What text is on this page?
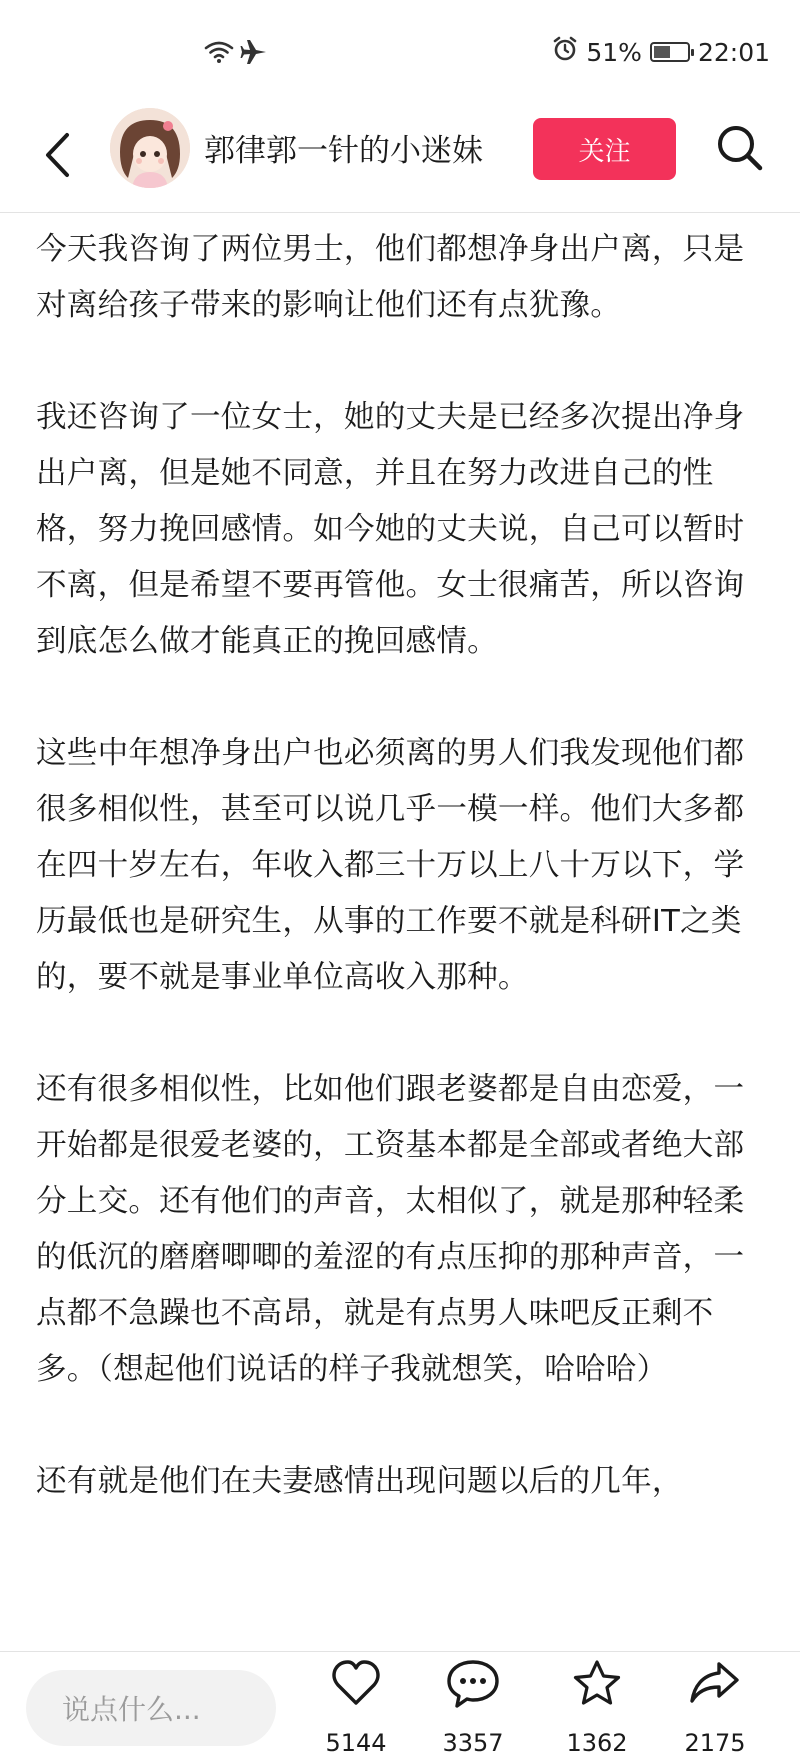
51% 22:01
郭律郭一针的小迷妹	关注

今天我咨询了两位男士，他们都想净身出户离，只是对离给孩子带来的影响让他们还有点犹豫。

我还咨询了一位女士，她的丈夫是已经多次提出净身出户离，但是她不同意，并且在努力改进自己的性格，努力挽回感情。如今她的丈夫说，自己可以暂时不离，但是希望不要再管他。女士很痛苦，所以咨询到底怎么做才能真正的挽回感情。

这些中年想净身出户也必须离的男人们我发现他们都很多相似性，甚至可以说几乎一模一样。他们大多都在四十岁左右，年收入都三十万以上八十万以下，学历最低也是研究生，从事的工作要不就是科研IT之类的，要不就是事业单位高收入那种。

还有很多相似性，比如他们跟老婆都是自由恋爱，一开始都是很爱老婆的，工资基本都是全部或者绝大部分上交。还有他们的声音，太相似了，就是那种轻柔的低沉的磨磨唧唧的羞涩的有点压抑的那种声音，一点都不急躁也不高昂，就是有点男人味吧反正剩不多。（想起他们说话的样子我就想笑，哈哈哈）

还有就是他们在夫妻感情出现问题以后的几年，

说点什么...
5144	3357	1362	2175
